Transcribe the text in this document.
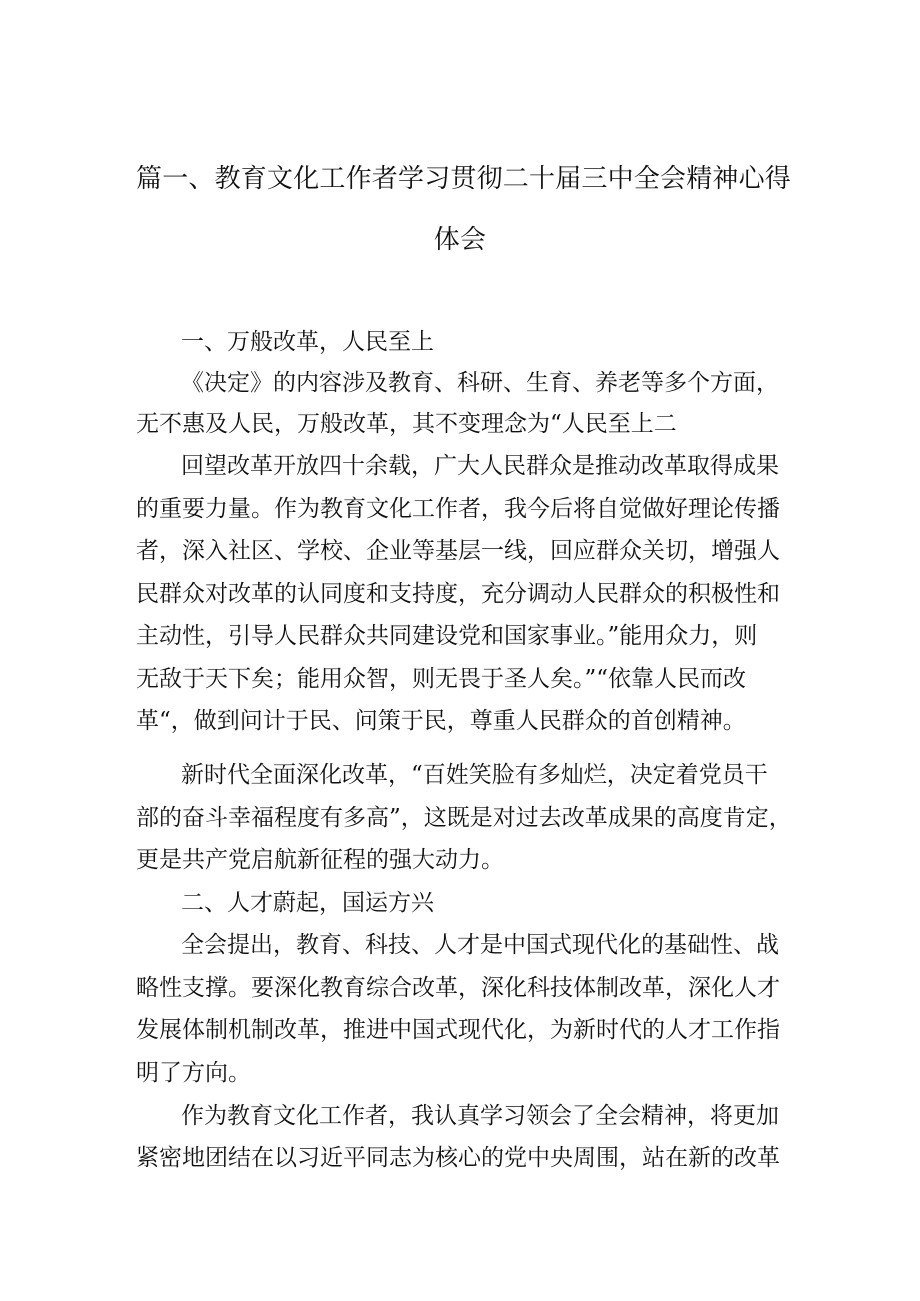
篇一、教育文化工作者学习贯彻二十届三中全会精神心得
体会
一、万般改革，人民至上
《决定》的内容涉及教育、科研、生育、养老等多个方面，
无不惠及人民，万般改革，其不变理念为“人民至上二
回望改革开放四十余载，广大人民群众是推动改革取得成果
的重要力量。作为教育文化工作者，我今后将自觉做好理论传播
者，深入社区、学校、企业等基层一线，回应群众关切，增强人
民群众对改革的认同度和支持度，充分调动人民群众的积极性和
主动性，引导人民群众共同建设党和国家事业。”能用众力，则
无敌于天下矣；能用众智，则无畏于圣人矣。”“依靠人民而改
革“，做到问计于民、问策于民，尊重人民群众的首创精神。
新时代全面深化改革，“百姓笑脸有多灿烂，决定着党员干
部的奋斗幸福程度有多高”，这既是对过去改革成果的高度肯定，
更是共产党启航新征程的强大动力。
二、人才蔚起，国运方兴
全会提出，教育、科技、人才是中国式现代化的基础性、战
略性支撑。要深化教育综合改革，深化科技体制改革，深化人才
发展体制机制改革，推进中国式现代化，为新时代的人才工作指
明了方向。
作为教育文化工作者，我认真学习领会了全会精神，将更加
紧密地团结在以习近平同志为核心的党中央周围，站在新的改革
